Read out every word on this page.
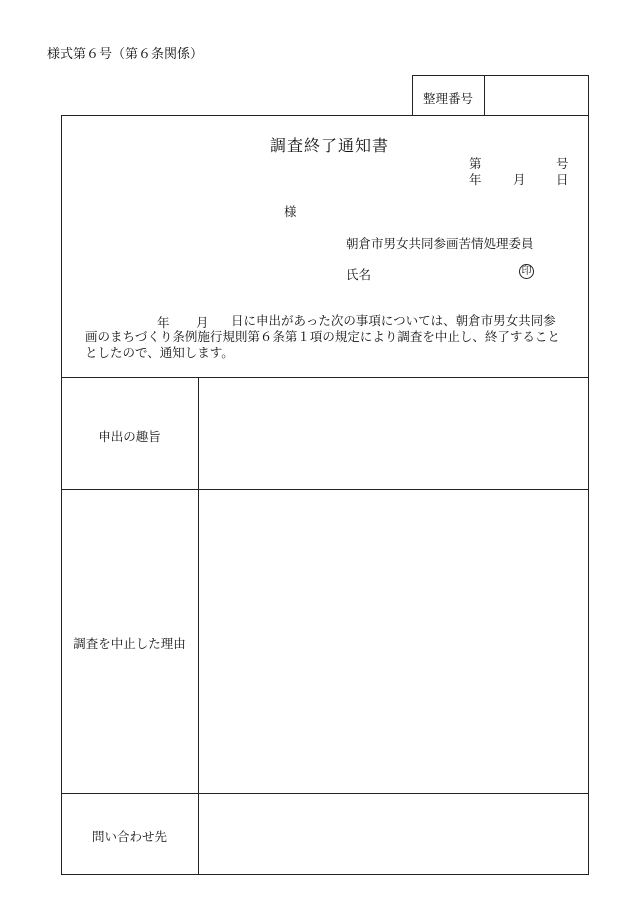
様式第６号（第６条関係）
整理番号
調査終了通知書
第	号
年	月 日
様
朝倉市男女共同参画苦情処理委員
氏名	印
年 月	日に申出があった次の事項については、朝倉市男女共同参画のまちづくり条例施行規則第６条第１項の規定により調査を中止し、終了することとしたので、通知します。
申出の趣旨
調査を中止した理由
問い合わせ先
